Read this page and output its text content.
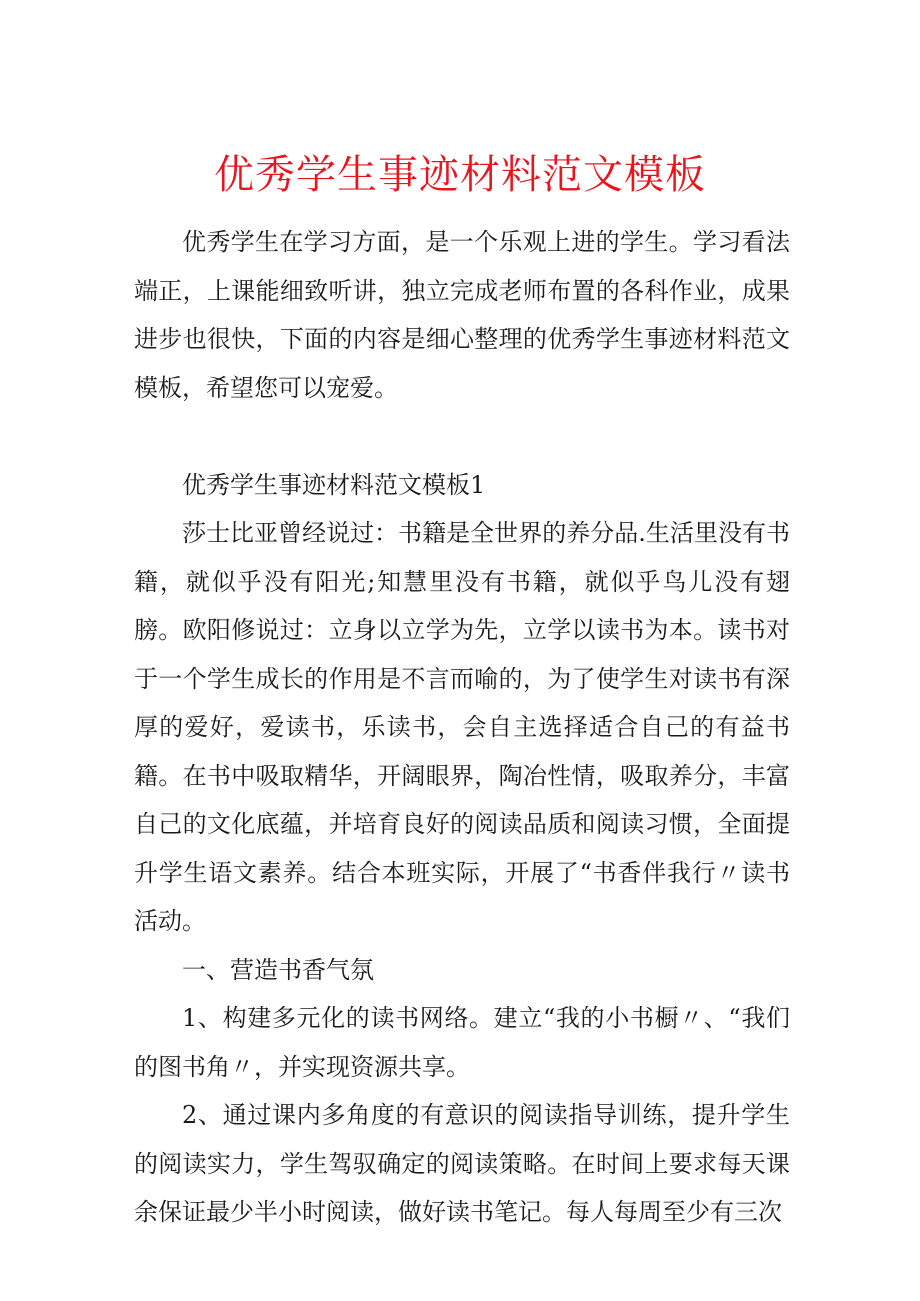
优秀学生事迹材料范文模板

优秀学生在学习方面，是一个乐观上进的学生。学习看法端正，上课能细致听讲，独立完成老师布置的各科作业，成果进步也很快，下面的内容是细心整理的优秀学生事迹材料范文模板，希望您可以宠爱。

优秀学生事迹材料范文模板1

莎士比亚曾经说过：书籍是全世界的养分品.生活里没有书籍，就似乎没有阳光;知慧里没有书籍，就似乎鸟儿没有翅膀。欧阳修说过：立身以立学为先，立学以读书为本。读书对于一个学生成长的作用是不言而喻的，为了使学生对读书有深厚的爱好，爱读书，乐读书，会自主选择适合自己的有益书籍。在书中吸取精华，开阔眼界，陶冶性情，吸取养分，丰富自己的文化底蕴，并培育良好的阅读品质和阅读习惯，全面提升学生语文素养。结合本班实际，开展了“书香伴我行〃读书活动。

一、营造书香气氛

1、构建多元化的读书网络。建立“我的小书橱〃、“我们的图书角〃，并实现资源共享。

2、通过课内多角度的有意识的阅读指导训练，提升学生的阅读实力，学生驾驭确定的阅读策略。在时间上要求每天课余保证最少半小时阅读，做好读书笔记。每人每周至少有三次
